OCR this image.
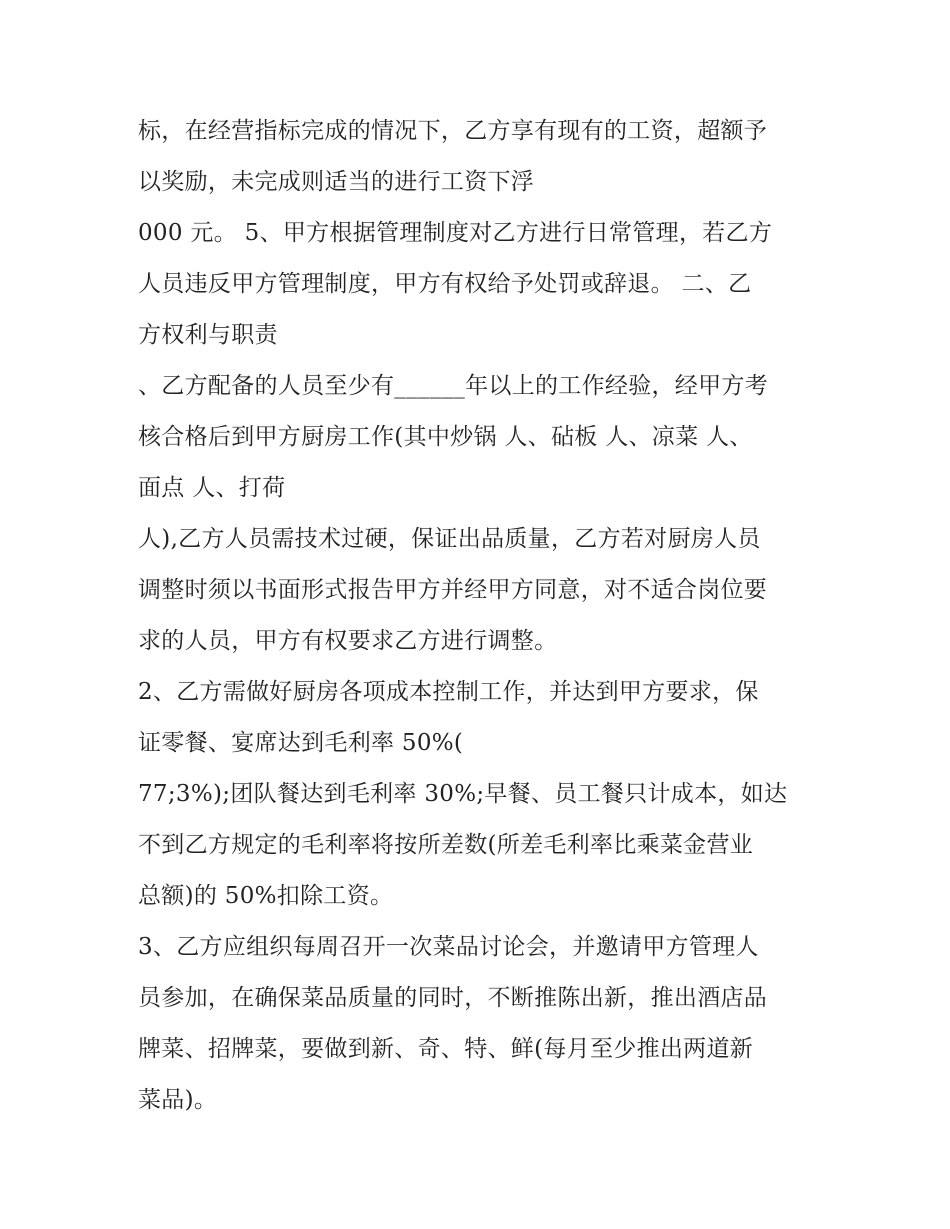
标，在经营指标完成的情况下，乙方享有现有的工资，超额予
以奖励，未完成则适当的进行工资下浮
000 元。 5、甲方根据管理制度对乙方进行日常管理，若乙方
人员违反甲方管理制度，甲方有权给予处罚或辞退。 二、乙
方权利与职责
、乙方配备的人员至少有______年以上的工作经验，经甲方考
核合格后到甲方厨房工作(其中炒锅 人、砧板 人、凉菜 人、
面点 人、打荷
人),乙方人员需技术过硬，保证出品质量，乙方若对厨房人员
调整时须以书面形式报告甲方并经甲方同意，对不适合岗位要
求的人员，甲方有权要求乙方进行调整。
2、乙方需做好厨房各项成本控制工作，并达到甲方要求，保
证零餐、宴席达到毛利率 50%(
77;3%);团队餐达到毛利率 30%;早餐、员工餐只计成本，如达
不到乙方规定的毛利率将按所差数(所差毛利率比乘菜金营业
总额)的 50%扣除工资。
3、乙方应组织每周召开一次菜品讨论会，并邀请甲方管理人
员参加，在确保菜品质量的同时，不断推陈出新，推出酒店品
牌菜、招牌菜，要做到新、奇、特、鲜(每月至少推出两道新
菜品)。
